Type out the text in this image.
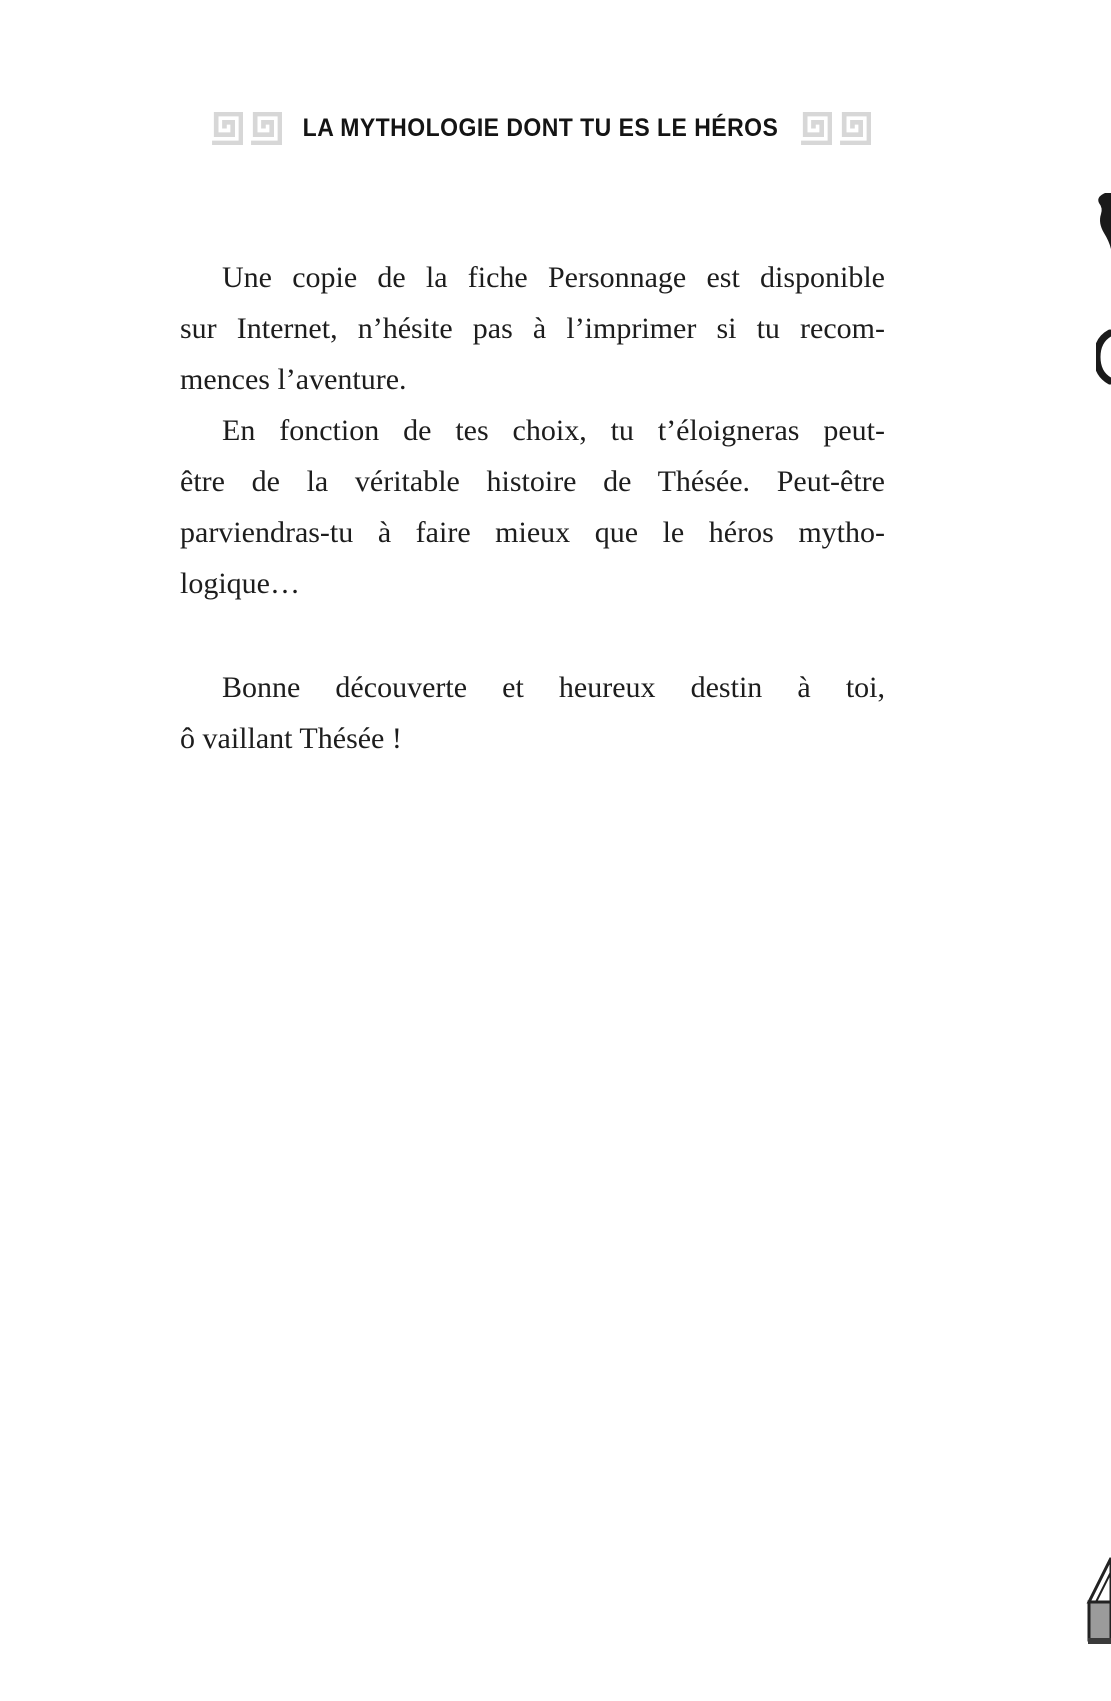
LA MYTHOLOGIE DONT TU ES LE HÉROS
Une copie de la fiche Personnage est disponible
sur Internet, n’hésite pas à l’imprimer si tu recom-
mences l’aventure.
En fonction de tes choix, tu t’éloigneras peut-
être de la véritable histoire de Thésée. Peut-être
parviendras-tu à faire mieux que le héros mytho-
logique…
Bonne découverte et heureux destin à toi,
ô vaillant Thésée !
